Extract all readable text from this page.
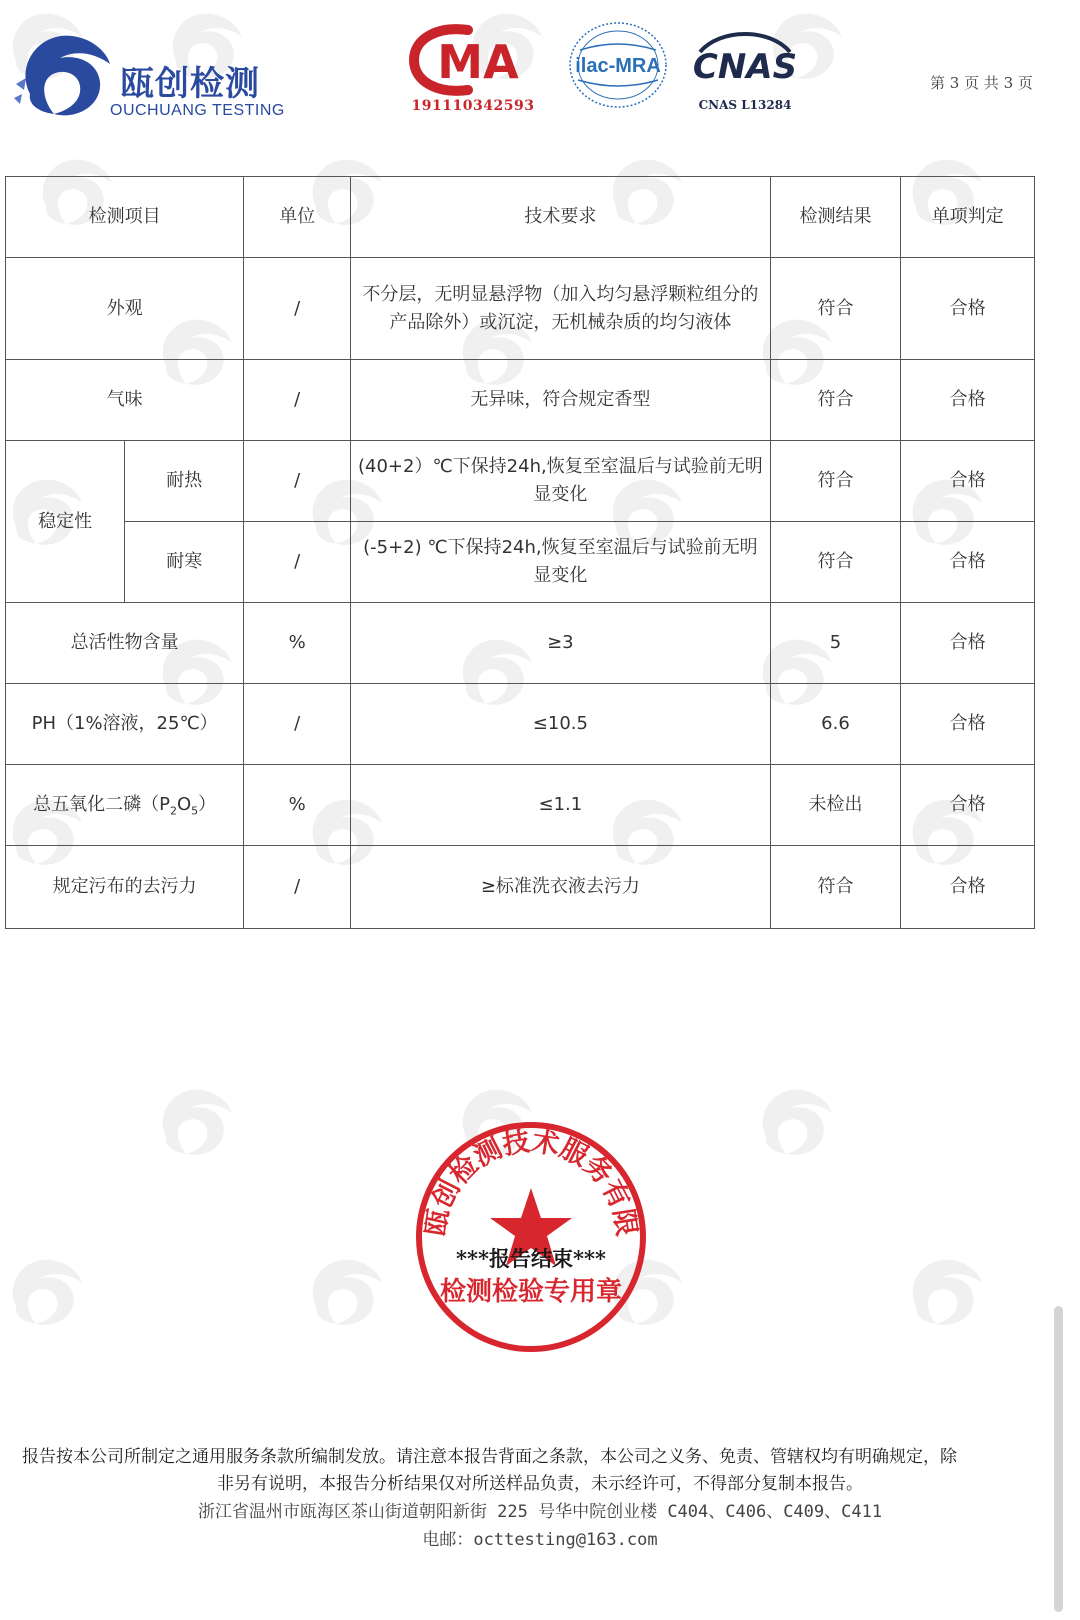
瓯创检测
OUCHUANG TESTING
MA
191110342593
ilac-MRA CNAS
CNAS L13284
第 3 页 共 3 页
检测项目		单位	技术要求	检测结果	单项判定
外观		/	不分层，无明显悬浮物（加入均匀悬浮颗粒组分的产品除外）或沉淀，无机械杂质的均匀液体	符合	合格
气味		/	无异味，符合规定香型	符合	合格
稳定性	耐热	/	(40+2）℃下保持24h,恢复至室温后与试验前无明显变化	符合	合格
	耐寒	/	(-5+2) ℃下保持24h,恢复至室温后与试验前无明显变化	符合	合格
总活性物含量		%	≥3	5	合格
PH（1%溶液，25℃）		/	≤10.5	6.6	合格
总五氧化二磷$(P_2O_5)$		%	≤1.1	未检出	合格
规定污布的去污力		/	≥标准洗衣液去污力	符合	合格
瓯创检测技术服务有限
***报告结束***
检测检验专用章
报告按本公司所制定之通用服务条款所编制发放。请注意本报告背面之条款，本公司之义务、免责、管辖权均有明确规定，除
非另有说明，本报告分析结果仅对所送样品负责，未示经许可，不得部分复制本报告。
浙江省温州市瓯海区茶山街道朝阳新街 225 号华中院创业楼 C404、C406、C409、C411
电邮：octtesting@163.com
